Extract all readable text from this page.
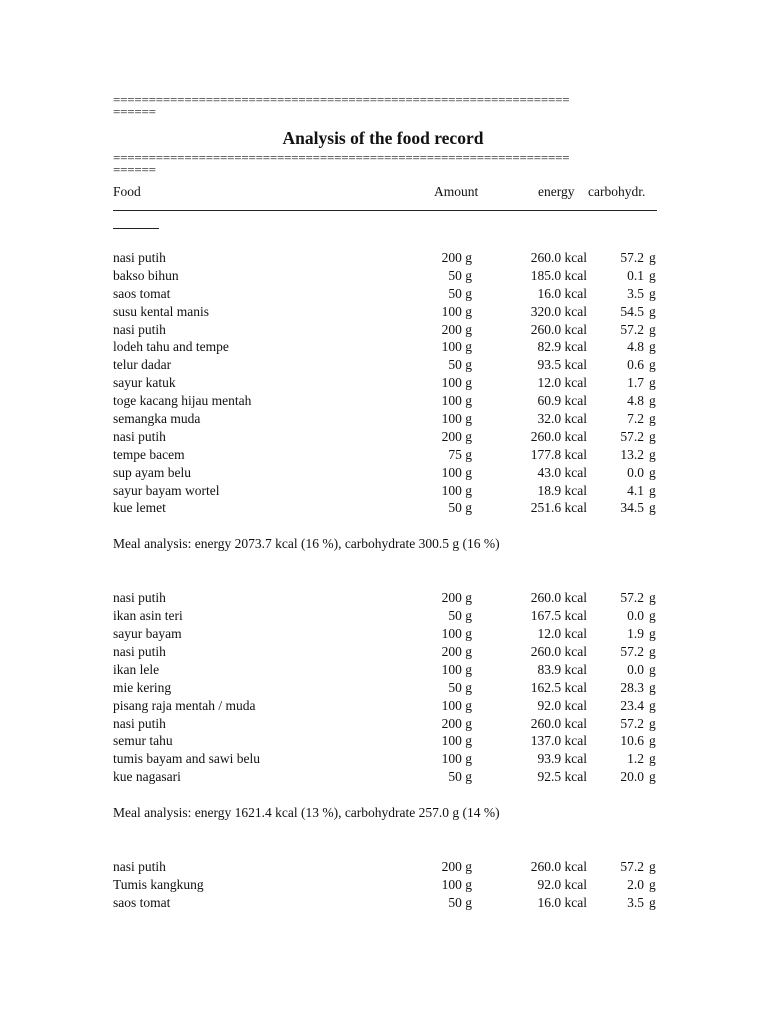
================================================================
======
Analysis of the food record
================================================================
======
Food	Amount	energy carbohydr.
nasi putih	200 g	260.0 kcal 57.2 g
bakso bihun	50 g	185.0 kcal	0.1 g
saos tomat	50 g	16.0 kcal	3.5 g
susu kental manis	100 g	320.0 kcal 54.5 g
nasi putih	200 g	260.0 kcal 57.2 g
lodeh tahu and tempe	100 g	82.9 kcal	4.8 g
telur dadar	50 g	93.5 kcal	0.6 g
sayur katuk	100 g	12.0 kcal	1.7 g
toge kacang hijau mentah	100 g	60.9 kcal	4.8 g
semangka muda	100 g	32.0 kcal	7.2 g
nasi putih	200 g	260.0 kcal 57.2 g
tempe bacem	75 g	177.8 kcal 13.2 g
sup ayam belu	100 g	43.0 kcal	0.0 g
sayur bayam wortel	100 g	18.9 kcal	4.1 g
kue lemet	50 g	251.6 kcal 34.5 g
Meal analysis: energy 2073.7 kcal (16 %), carbohydrate 300.5 g (16 %)
nasi putih	200 g	260.0 kcal 57.2 g
ikan asin teri	50 g	167.5 kcal	0.0 g
sayur bayam	100 g	12.0 kcal	1.9 g
nasi putih	200 g	260.0 kcal 57.2 g
ikan lele	100 g	83.9 kcal	0.0 g
mie kering	50 g	162.5 kcal 28.3 g
pisang raja mentah / muda	100 g	92.0 kcal 23.4 g
nasi putih	200 g	260.0 kcal 57.2 g
semur tahu	100 g	137.0 kcal 10.6 g
tumis bayam and sawi belu	100 g	93.9 kcal	1.2 g
kue nagasari	50 g	92.5 kcal 20.0 g
Meal analysis: energy 1621.4 kcal (13 %), carbohydrate 257.0 g (14 %)
nasi putih	200 g	260.0 kcal 57.2 g
Tumis kangkung	100 g	92.0 kcal	2.0 g
saos tomat	50 g	16.0 kcal	3.5 g
